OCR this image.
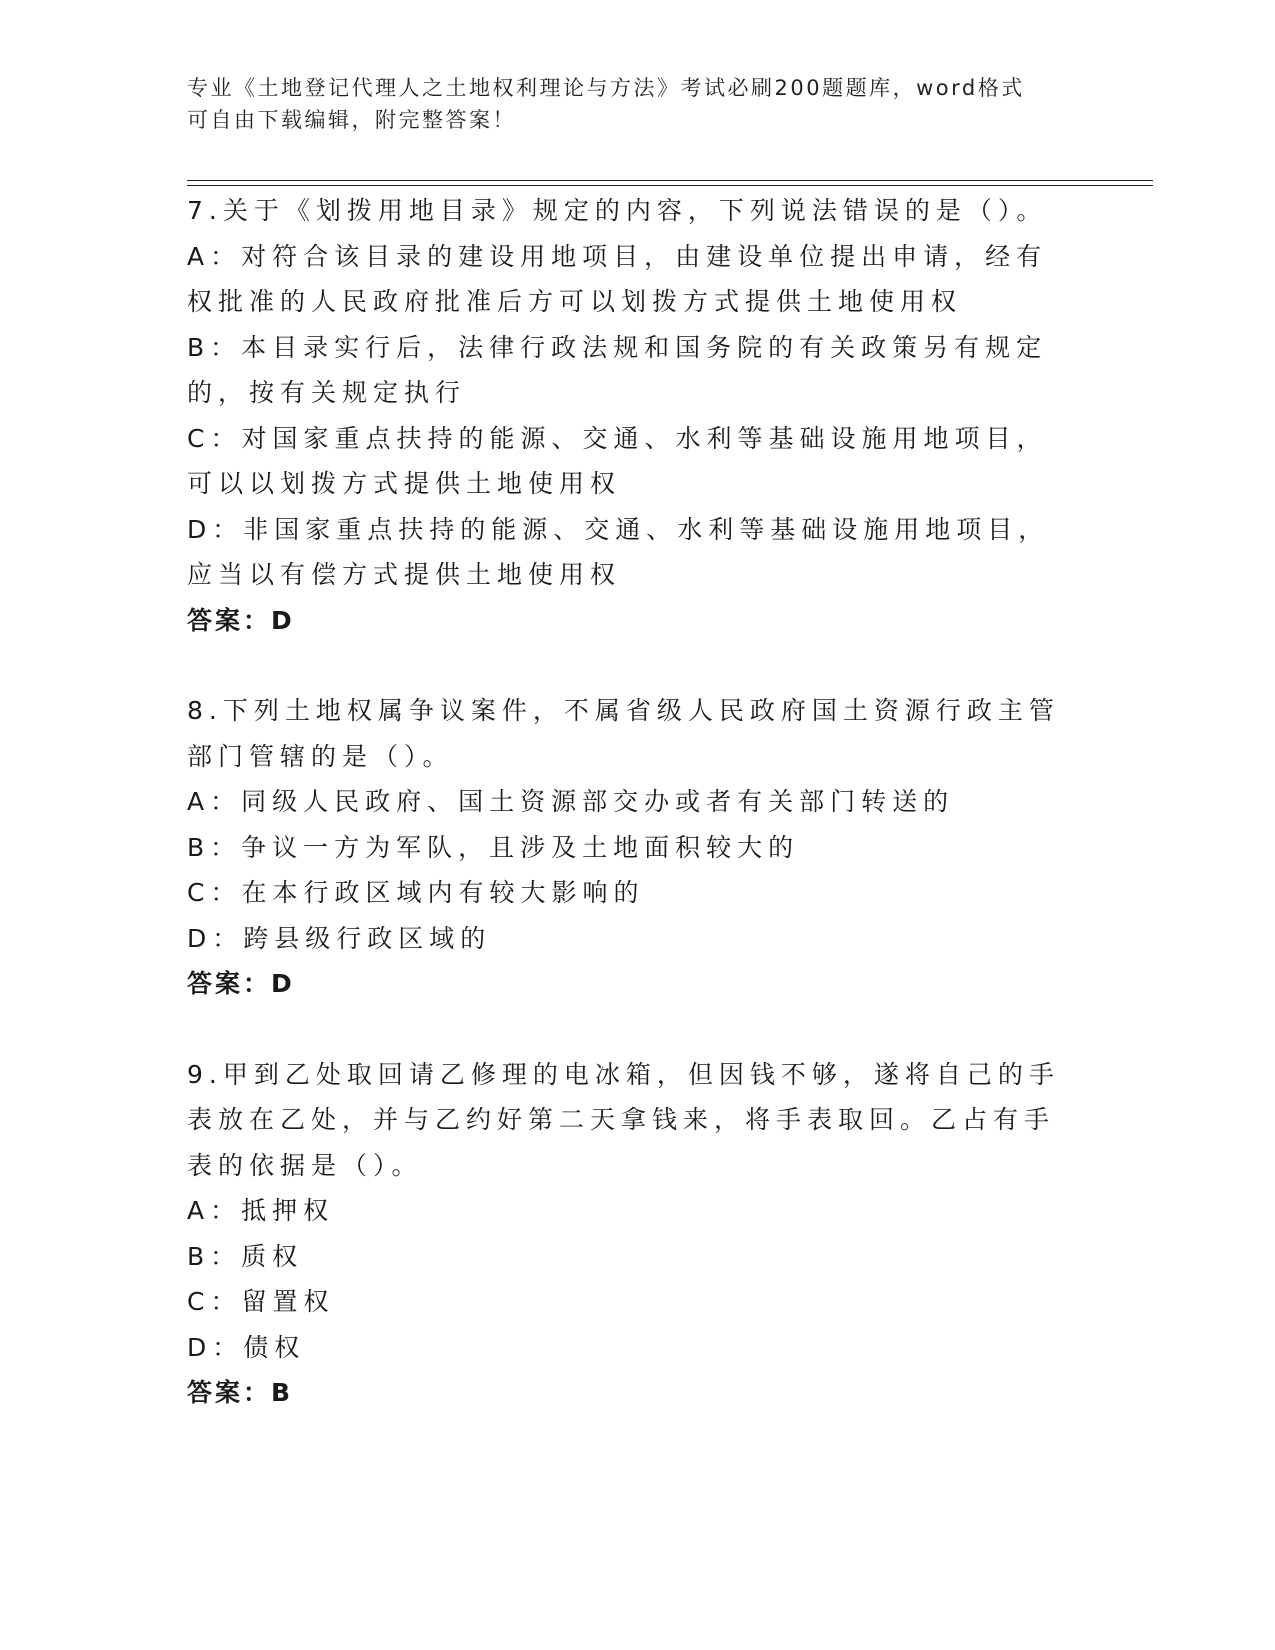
专业《土地登记代理人之土地权利理论与方法》考试必刷200题题库，word格式
可自由下载编辑，附完整答案！
7.关于《划拨用地目录》规定的内容，下列说法错误的是（）。
A：对符合该目录的建设用地项目，由建设单位提出申请，经有权批准的人民政府批准后方可以划拨方式提供土地使用权
B：本目录实行后，法律行政法规和国务院的有关政策另有规定的，按有关规定执行
C：对国家重点扶持的能源、交通、水利等基础设施用地项目，可以以划拨方式提供土地使用权
D：非国家重点扶持的能源、交通、水利等基础设施用地项目，应当以有偿方式提供土地使用权
答案：D
8.下列土地权属争议案件，不属省级人民政府国土资源行政主管部门管辖的是（）。
A：同级人民政府、国土资源部交办或者有关部门转送的
B：争议一方为军队，且涉及土地面积较大的
C：在本行政区域内有较大影响的
D：跨县级行政区域的
答案：D
9.甲到乙处取回请乙修理的电冰箱，但因钱不够，遂将自己的手表放在乙处，并与乙约好第二天拿钱来，将手表取回。乙占有手表的依据是（）。
A：抵押权
B：质权
C：留置权
D：债权
答案：B
